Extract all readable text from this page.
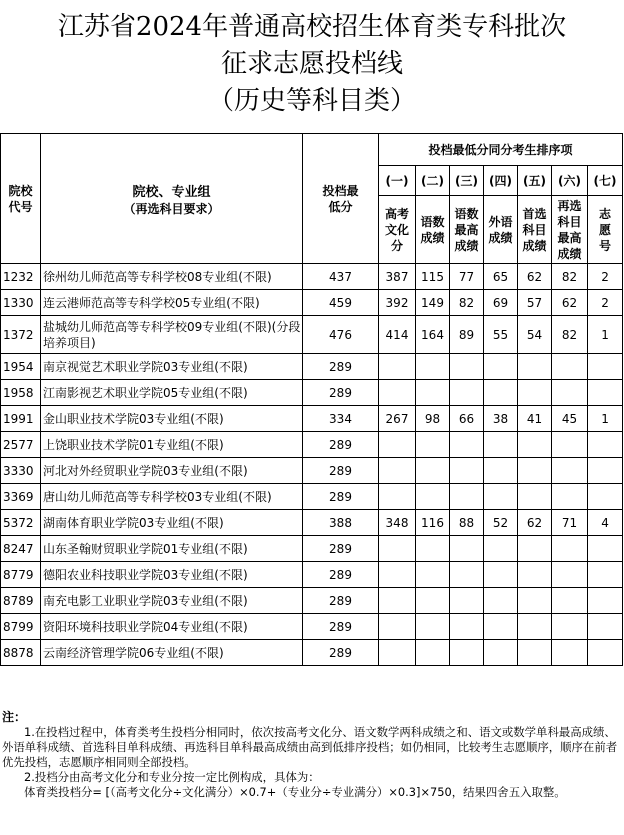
江苏省2024年普通高校招生体育类专科批次
征求志愿投档线
（历史等科目类）
院校代号	院校、专业组
（再选科目要求）	投档最低分	投档最低分同分考生排序项						
			(一)	(二)	(三)	(四)	(五)	(六)	(七)
			高考文化分	语数成绩	语数最高成绩	外语成绩	首选科目成绩	再选科目最高成绩	志愿号
1232	徐州幼儿师范高等专科学校08专业组(不限)	437	387	115	77	65	62	82	2
1330	连云港师范高等专科学校05专业组(不限)	459	392	149	82	69	57	62	2
1372	盐城幼儿师范高等专科学校09专业组(不限)(分段培养项目)	476	414	164	89	55	54	82	1
1954	南京视觉艺术职业学院03专业组(不限)	289							
1958	江南影视艺术职业学院05专业组(不限)	289							
1991	金山职业技术学院03专业组(不限)	334	267	98	66	38	41	45	1
2577	上饶职业技术学院01专业组(不限)	289							
3330	河北对外经贸职业学院03专业组(不限)	289							
3369	唐山幼儿师范高等专科学校03专业组(不限)	289							
5372	湖南体育职业学院03专业组(不限)	388	348	116	88	52	62	71	4
8247	山东圣翰财贸职业学院01专业组(不限)	289							
8779	德阳农业科技职业学院03专业组(不限)	289							
8789	南充电影工业职业学院03专业组(不限)	289							
8799	资阳环境科技职业学院04专业组(不限)	289							
8878	云南经济管理学院06专业组(不限)	289							

注：

1.在投档过程中，体育类考生投档分相同时，依次按高考文化分、语文数学两科成绩之和、语文或数学单科最高成绩、外语单科成绩、首选科目单科成绩、再选科目单科最高成绩由高到低排序投档；如仍相同，比较考生志愿顺序，顺序在前者优先投档，志愿顺序相同则全部投档。

2.投档分由高考文化分和专业分按一定比例构成，具体为：

体育类投档分= [（高考文化分÷文化满分）×0.7+（专业分÷专业满分）×0.3]×750，结果四舍五入取整。
